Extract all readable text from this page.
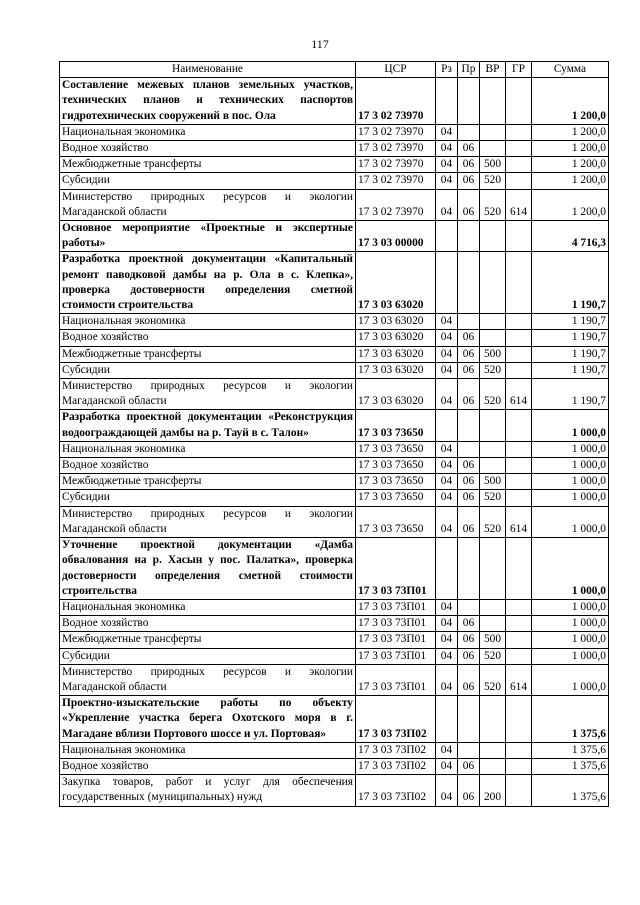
117
Наименование	ЦСР	Рз	Пр	ВР	ГР	Сумма
Составление межевых планов земельных участков, технических планов и технических паспортов гидротехнических сооружений в пос. Ола	17 3 02 73970					1 200,0
Национальная экономика	17 3 02 73970	04				1 200,0
Водное хозяйство	17 3 02 73970	04	06			1 200,0
Межбюджетные трансферты	17 3 02 73970	04	06	500		1 200,0
Субсидии	17 3 02 73970	04	06	520		1 200,0
Министерство природных ресурсов и экологии Магаданской области	17 3 02 73970	04	06	520	614	1 200,0
Основное мероприятие «Проектные и экспертные работы»	17 3 03 00000					4 716,3
Разработка проектной документации «Капитальный ремонт паводковой дамбы на р. Ола в с. Клепка», проверка достоверности определения сметной стоимости строительства	17 3 03 63020					1 190,7
Национальная экономика	17 3 03 63020	04				1 190,7
Водное хозяйство	17 3 03 63020	04	06			1 190,7
Межбюджетные трансферты	17 3 03 63020	04	06	500		1 190,7
Субсидии	17 3 03 63020	04	06	520		1 190,7
Министерство природных ресурсов и экологии Магаданской области	17 3 03 63020	04	06	520	614	1 190,7
Разработка проектной документации «Реконструкция водоограждающей дамбы на р. Тауй в с. Талон»	17 3 03 73650					1 000,0
Национальная экономика	17 3 03 73650	04				1 000,0
Водное хозяйство	17 3 03 73650	04	06			1 000,0
Межбюджетные трансферты	17 3 03 73650	04	06	500		1 000,0
Субсидии	17 3 03 73650	04	06	520		1 000,0
Министерство природных ресурсов и экологии Магаданской области	17 3 03 73650	04	06	520	614	1 000,0
Уточнение проектной документации «Дамба обвалования на р. Хасын у пос. Палатка», проверка достоверности определения сметной стоимости строительства	17 3 03 73П01					1 000,0
Национальная экономика	17 3 03 73П01	04				1 000,0
Водное хозяйство	17 3 03 73П01	04	06			1 000,0
Межбюджетные трансферты	17 3 03 73П01	04	06	500		1 000,0
Субсидии	17 3 03 73П01	04	06	520		1 000,0
Министерство природных ресурсов и экологии Магаданской области	17 3 03 73П01	04	06	520	614	1 000,0
Проектно-изыскательские работы по объекту «Укрепление участка берега Охотского моря в г. Магадане вблизи Портового шоссе и ул. Портовая»	17 3 03 73П02					1 375,6
Национальная экономика	17 3 03 73П02	04				1 375,6
Водное хозяйство	17 3 03 73П02	04	06			1 375,6
Закупка товаров, работ и услуг для обеспечения государственных (муниципальных) нужд	17 3 03 73П02	04	06	200		1 375,6
